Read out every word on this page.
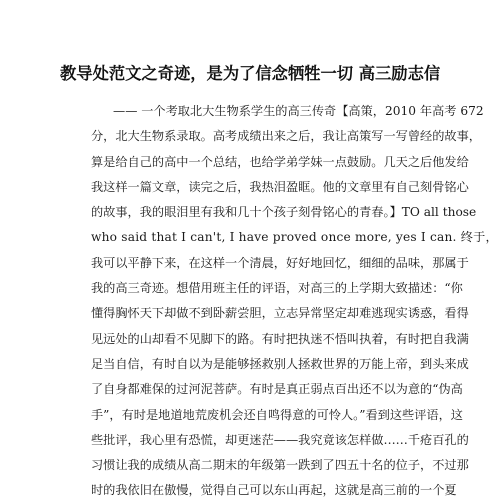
教导处范文之奇迹，是为了信念牺牲一切 高三励志信
—— 一个考取北大生物系学生的高三传奇【高策，2010 年高考 672
分，北大生物系录取。高考成绩出来之后，我让高策写一写曾经的故事，
算是给自己的高中一个总结，也给学弟学妹一点鼓励。几天之后他发给
我这样一篇文章，读完之后，我热泪盈眶。他的文章里有自己刻骨铭心
的故事，我的眼泪里有我和几十个孩子刻骨铭心的青春。】TO all those
who said that I can't, I have proved once more, yes I can. 终于，
我可以平静下来，在这样一个清晨，好好地回忆，细细的品味，那属于
我的高三奇迹。想借用班主任的评语，对高三的上学期大致描述：“你
懂得胸怀天下却做不到卧薪尝胆，立志异常坚定却难逃现实诱惑，看得
见远处的山却看不见脚下的路。有时把执迷不悟叫执着，有时把自我满
足当自信，有时自以为是能够拯救别人拯救世界的万能上帝，到头来成
了自身都难保的过河泥菩萨。有时是真正弱点百出还不以为意的“伪高
手”，有时是地道地荒废机会还自鸣得意的可怜人。”看到这些评语，这
些批评，我心里有恐慌，却更迷茫——我究竟该怎样做……千疮百孔的
习惯让我的成绩从高二期末的年级第一跌到了四五十名的位子，不过那
时的我依旧在傲慢，觉得自己可以东山再起，这就是高三前的一个夏
